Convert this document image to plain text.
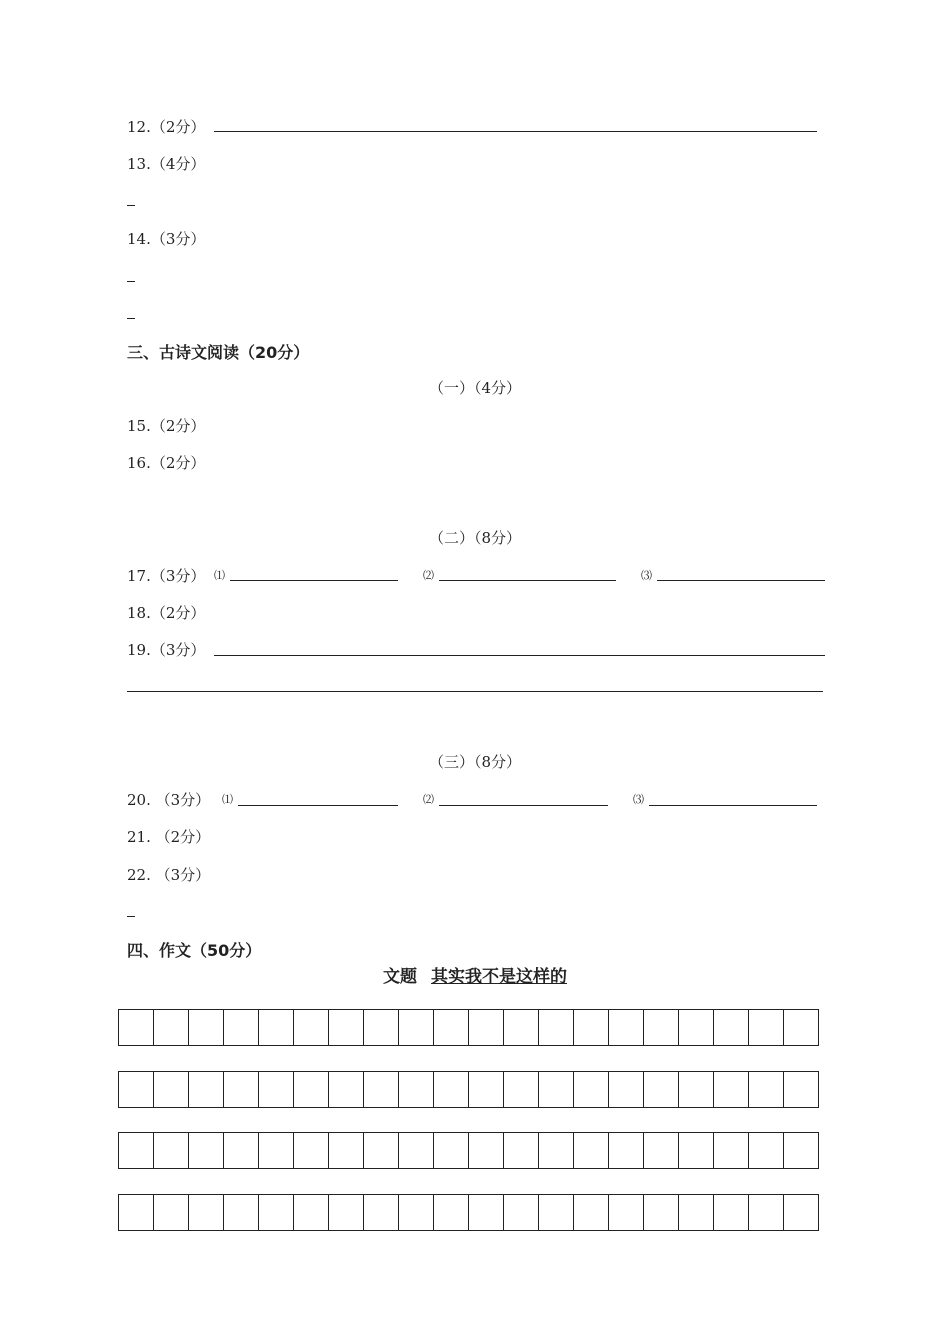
12.（2分）
13.（4分）
14.（3分）
三、古诗文阅读（20分）
（一）（4分）
15.（2分）
16.（2分）
（二）（8分）
17.（3分） ⑴	⑵	⑶
18.（2分）
19.（3分）
（三）（8分）
20. （3分） ⑴	⑵	⑶
21. （2分）
22. （3分）
四、作文（50分）
文题 其实我不是这样的
